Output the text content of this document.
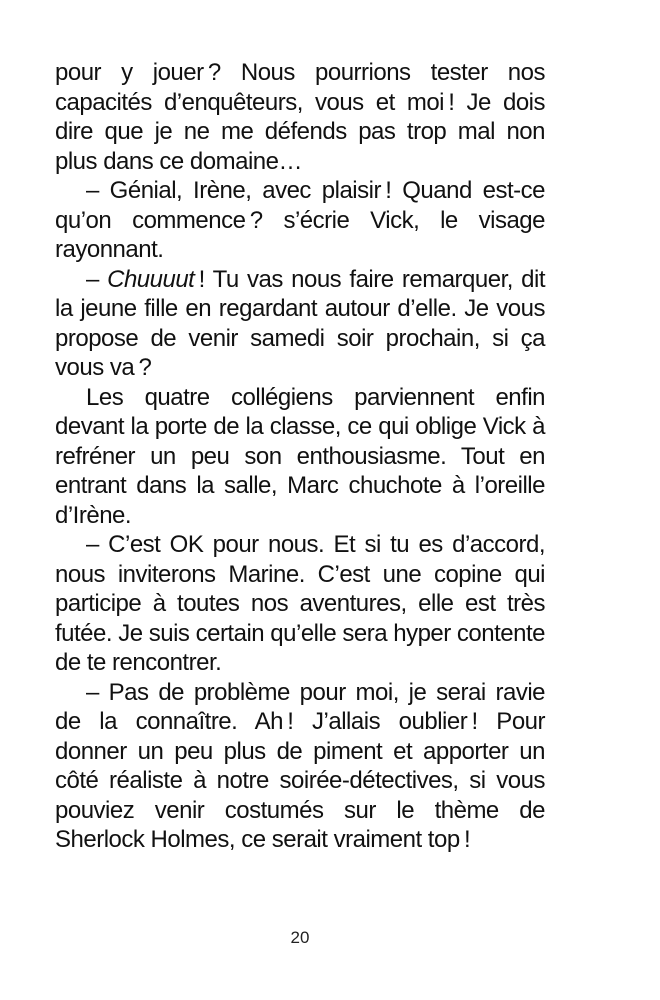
pour y jouer ? Nous pourrions tester nos capacités d’enquêteurs, vous et moi ! Je dois dire que je ne me défends pas trop mal non plus dans ce domaine…

– Génial, Irène, avec plaisir ! Quand est-ce qu’on commence ? s’écrie Vick, le visage rayonnant.

– Chuuuut ! Tu vas nous faire remarquer, dit la jeune fille en regardant autour d’elle. Je vous propose de venir samedi soir prochain, si ça vous va ?

Les quatre collégiens parviennent enfin devant la porte de la classe, ce qui oblige Vick à refréner un peu son enthousiasme. Tout en entrant dans la salle, Marc chuchote à l’oreille d’Irène.

– C’est OK pour nous. Et si tu es d’accord, nous inviterons Marine. C’est une copine qui participe à toutes nos aventures, elle est très futée. Je suis certain qu’elle sera hyper contente de te rencontrer.

– Pas de problème pour moi, je serai ravie de la connaître. Ah ! J’allais oublier ! Pour donner un peu plus de piment et apporter un côté réaliste à notre soirée-détectives, si vous pouviez venir costumés sur le thème de Sherlock Holmes, ce serait vraiment top !

20
